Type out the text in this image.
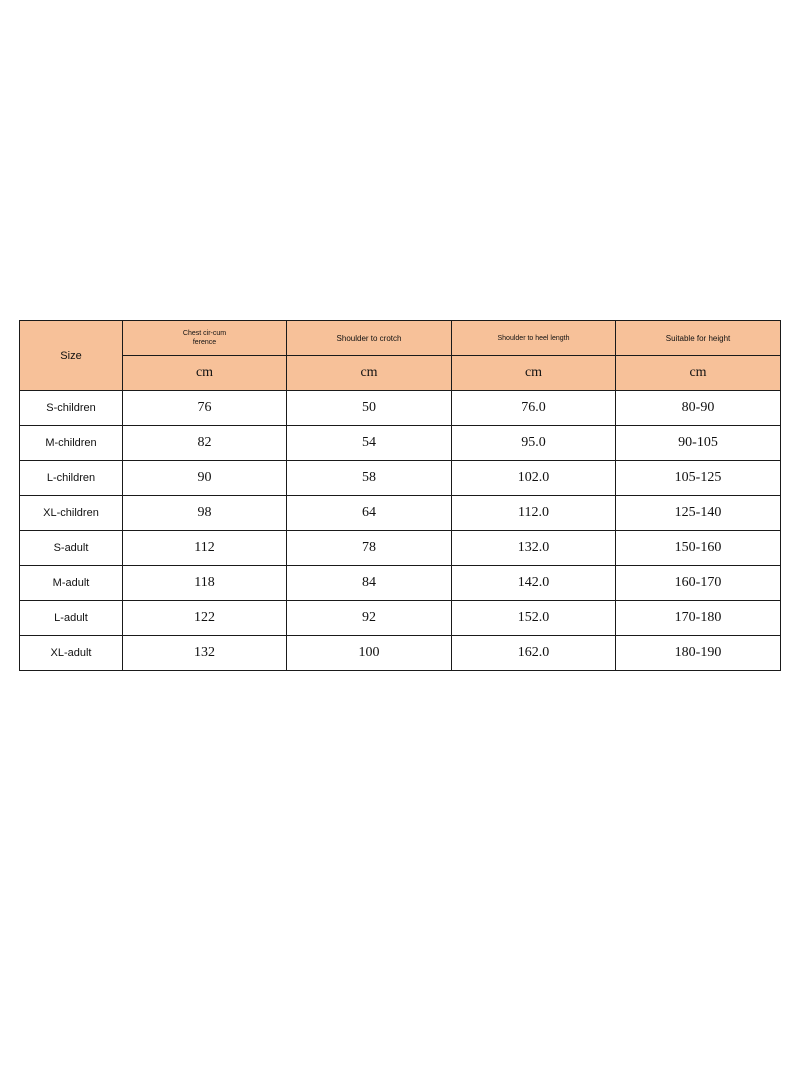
Size	Chest cir-cumference	Shoulder to crotch	Shoulder to heel length	Suitable for height
	cm	cm	cm	cm
S-children	76	50	76.0	80-90
M-children	82	54	95.0	90-105
L-children	90	58	102.0	105-125
XL-children	98	64	112.0	125-140
S-adult	112	78	132.0	150-160
M-adult	118	84	142.0	160-170
L-adult	122	92	152.0	170-180
XL-adult	132	100	162.0	180-190
